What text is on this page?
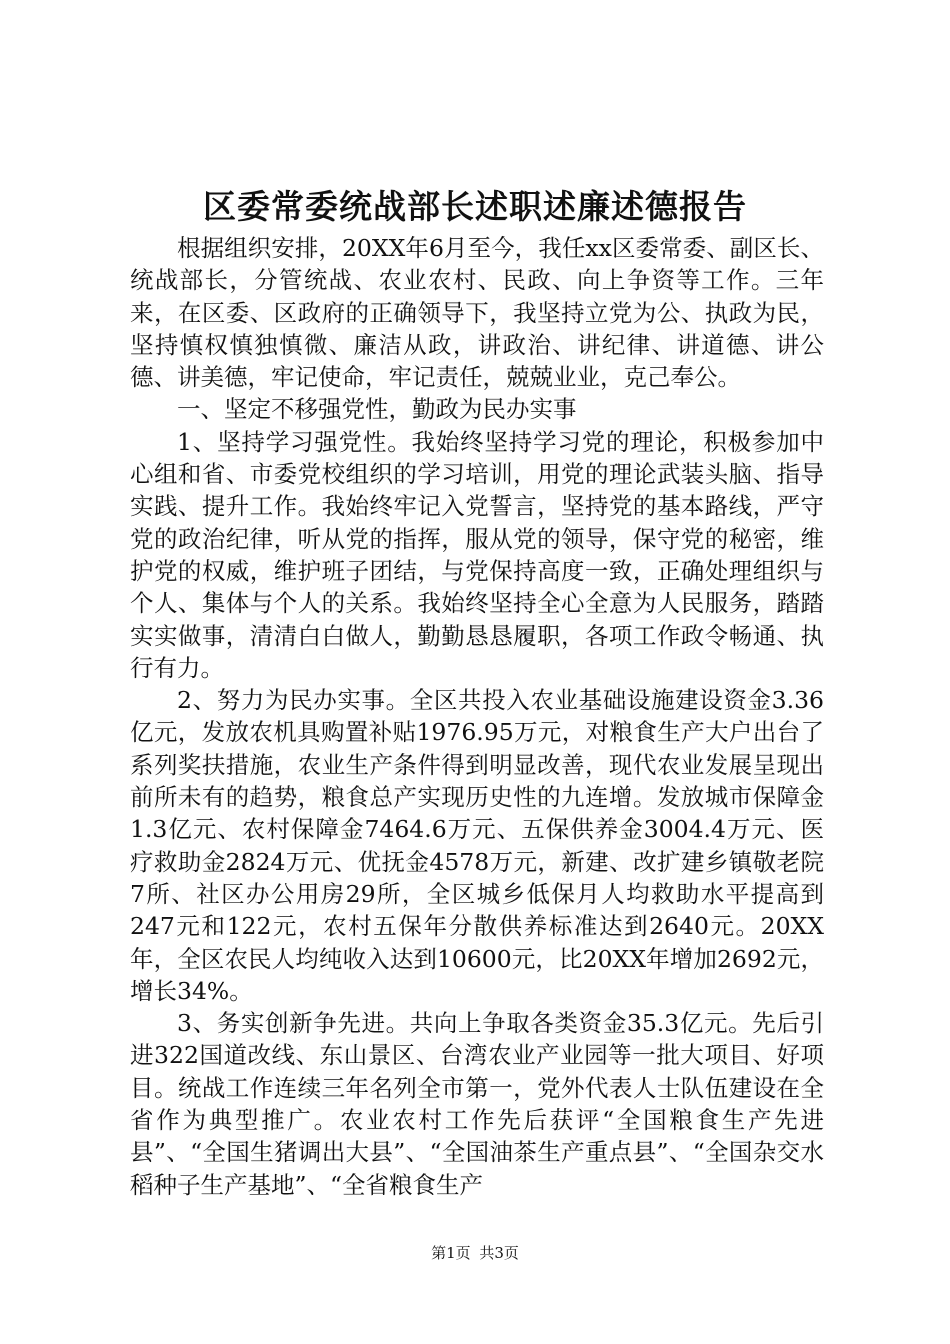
区委常委统战部长述职述廉述德报告

根据组织安排，20XX年6月至今，我任xx区委常委、副区长、统战部长，分管统战、农业农村、民政、向上争资等工作。三年来，在区委、区政府的正确领导下，我坚持立党为公、执政为民，坚持慎权慎独慎微、廉洁从政，讲政治、讲纪律、讲道德、讲公德、讲美德，牢记使命，牢记责任，兢兢业业，克己奉公。

一、坚定不移强党性，勤政为民办实事

1、坚持学习强党性。我始终坚持学习党的理论，积极参加中心组和省、市委党校组织的学习培训，用党的理论武装头脑、指导实践、提升工作。我始终牢记入党誓言，坚持党的基本路线，严守党的政治纪律，听从党的指挥，服从党的领导，保守党的秘密，维护党的权威，维护班子团结，与党保持高度一致，正确处理组织与个人、集体与个人的关系。我始终坚持全心全意为人民服务，踏踏实实做事，清清白白做人，勤勤恳恳履职，各项工作政令畅通、执行有力。

2、努力为民办实事。全区共投入农业基础设施建设资金3.36亿元，发放农机具购置补贴1976.95万元，对粮食生产大户出台了系列奖扶措施，农业生产条件得到明显改善，现代农业发展呈现出前所未有的趋势，粮食总产实现历史性的九连增。发放城市保障金1.3亿元、农村保障金7464.6万元、五保供养金3004.4万元、医疗救助金2824万元、优抚金4578万元，新建、改扩建乡镇敬老院7所、社区办公用房29所，全区城乡低保月人均救助水平提高到247元和122元，农村五保年分散供养标准达到2640元。20XX年，全区农民人均纯收入达到10600元，比20XX年增加2692元，增长34%。

3、务实创新争先进。共向上争取各类资金35.3亿元。先后引进322国道改线、东山景区、台湾农业产业园等一批大项目、好项目。统战工作连续三年名列全市第一，党外代表人士队伍建设在全省作为典型推广。农业农村工作先后获评“全国粮食生产先进县”、“全国生猪调出大县”、“全国油茶生产重点县”、“全国杂交水稻种子生产基地”、“全省粮食生产

第1页 共3页
